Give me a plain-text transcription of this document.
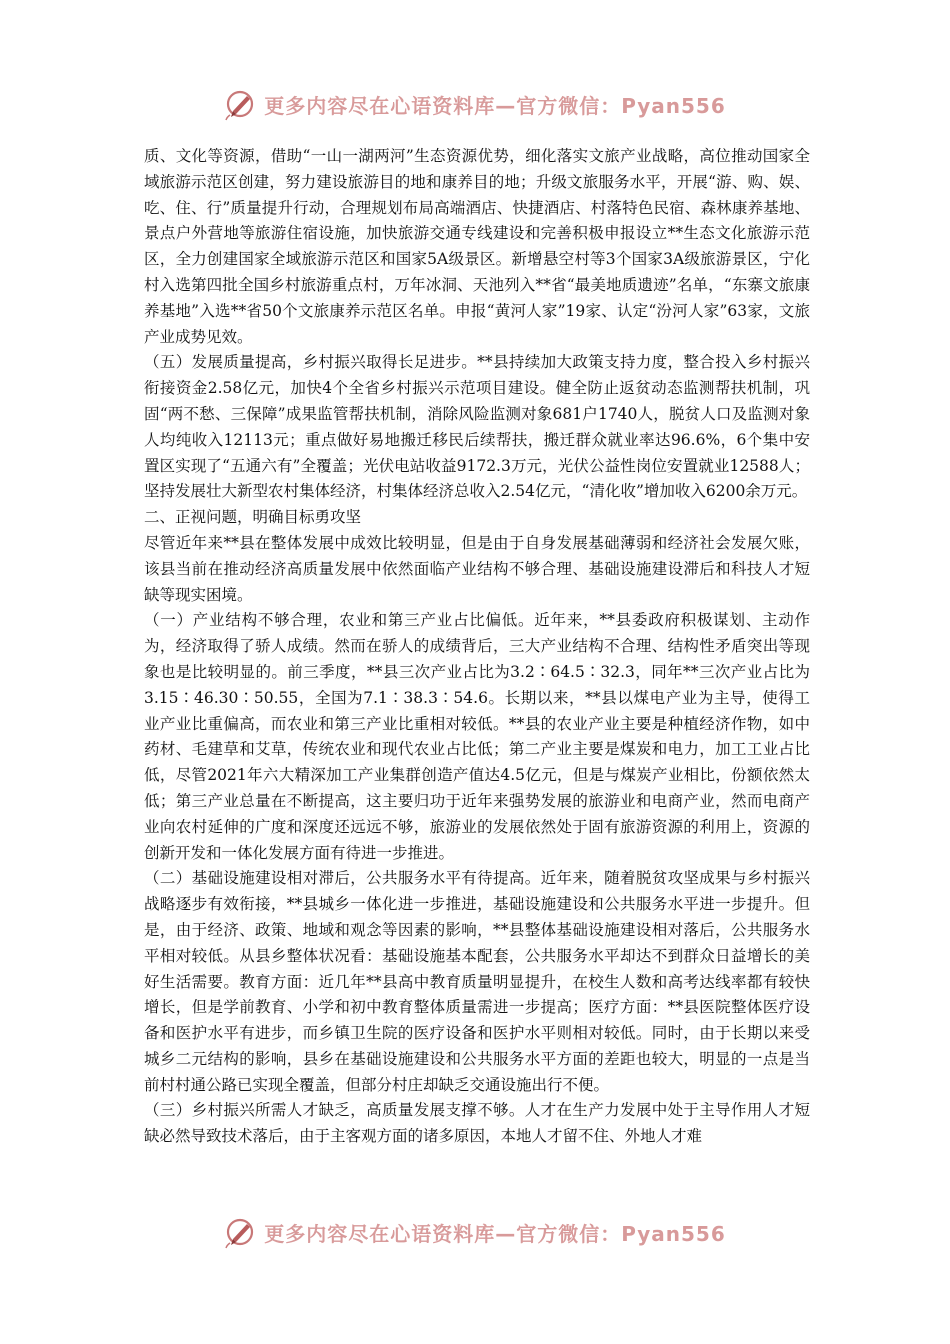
更多内容尽在心语资料库—官方微信：Pyan556

质、文化等资源，借助“一山一湖两河”生态资源优势，细化落实文旅产业战略，高位推动国家全域旅游示范区创建，努力建设旅游目的地和康养目的地；升级文旅服务水平，开展“游、购、娱、吃、住、行”质量提升行动，合理规划布局高端酒店、快捷酒店、村落特色民宿、森林康养基地、景点户外营地等旅游住宿设施，加快旅游交通专线建设和完善积极申报设立**生态文化旅游示范区，全力创建国家全域旅游示范区和国家5A级景区。新增悬空村等3个国家3A级旅游景区，宁化村入选第四批全国乡村旅游重点村，万年冰洞、天池列入**省“最美地质遗迹”名单，“东寨文旅康养基地”入选**省50个文旅康养示范区名单。申报“黄河人家”19家、认定“汾河人家”63家，文旅产业成势见效。

（五）发展质量提高，乡村振兴取得长足进步。**县持续加大政策支持力度，整合投入乡村振兴衔接资金2.58亿元，加快4个全省乡村振兴示范项目建设。健全防止返贫动态监测帮扶机制，巩固“两不愁、三保障”成果监管帮扶机制，消除风险监测对象681户1740人，脱贫人口及监测对象人均纯收入12113元；重点做好易地搬迁移民后续帮扶，搬迁群众就业率达96.6%，6个集中安置区实现了“五通六有”全覆盖；光伏电站收益9172.3万元，光伏公益性岗位安置就业12588人；坚持发展壮大新型农村集体经济，村集体经济总收入2.54亿元，“清化收”增加收入6200余万元。

二、正视问题，明确目标勇攻坚

尽管近年来**县在整体发展中成效比较明显，但是由于自身发展基础薄弱和经济社会发展欠账，该县当前在推动经济高质量发展中依然面临产业结构不够合理、基础设施建设滞后和科技人才短缺等现实困境。

（一）产业结构不够合理，农业和第三产业占比偏低。近年来，**县委政府积极谋划、主动作为，经济取得了骄人成绩。然而在骄人的成绩背后，三大产业结构不合理、结构性矛盾突出等现象也是比较明显的。前三季度，**县三次产业占比为3.2∶64.5∶32.3，同年**三次产业占比为3.15∶46.30∶50.55，全国为7.1∶38.3∶54.6。长期以来，**县以煤电产业为主导，使得工业产业比重偏高，而农业和第三产业比重相对较低。**县的农业产业主要是种植经济作物，如中药材、毛建草和艾草，传统农业和现代农业占比低；第二产业主要是煤炭和电力，加工工业占比低，尽管2021年六大精深加工产业集群创造产值达4.5亿元，但是与煤炭产业相比，份额依然太低；第三产业总量在不断提高，这主要归功于近年来强势发展的旅游业和电商产业，然而电商产业向农村延伸的广度和深度还远远不够，旅游业的发展依然处于固有旅游资源的利用上，资源的创新开发和一体化发展方面有待进一步推进。

（二）基础设施建设相对滞后，公共服务水平有待提高。近年来，随着脱贫攻坚成果与乡村振兴战略逐步有效衔接，**县城乡一体化进一步推进，基础设施建设和公共服务水平进一步提升。但是，由于经济、政策、地域和观念等因素的影响，**县整体基础设施建设相对落后，公共服务水平相对较低。从县乡整体状况看：基础设施基本配套，公共服务水平却达不到群众日益增长的美好生活需要。教育方面：近几年**县高中教育质量明显提升，在校生人数和高考达线率都有较快增长，但是学前教育、小学和初中教育整体质量需进一步提高；医疗方面：**县医院整体医疗设备和医护水平有进步，而乡镇卫生院的医疗设备和医护水平则相对较低。同时，由于长期以来受城乡二元结构的影响，县乡在基础设施建设和公共服务水平方面的差距也较大，明显的一点是当前村村通公路已实现全覆盖，但部分村庄却缺乏交通设施出行不便。

（三）乡村振兴所需人才缺乏，高质量发展支撑不够。人才在生产力发展中处于主导作用人才短缺必然导致技术落后，由于主客观方面的诸多原因，本地人才留不住、外地人才难

更多内容尽在心语资料库—官方微信：Pyan556
